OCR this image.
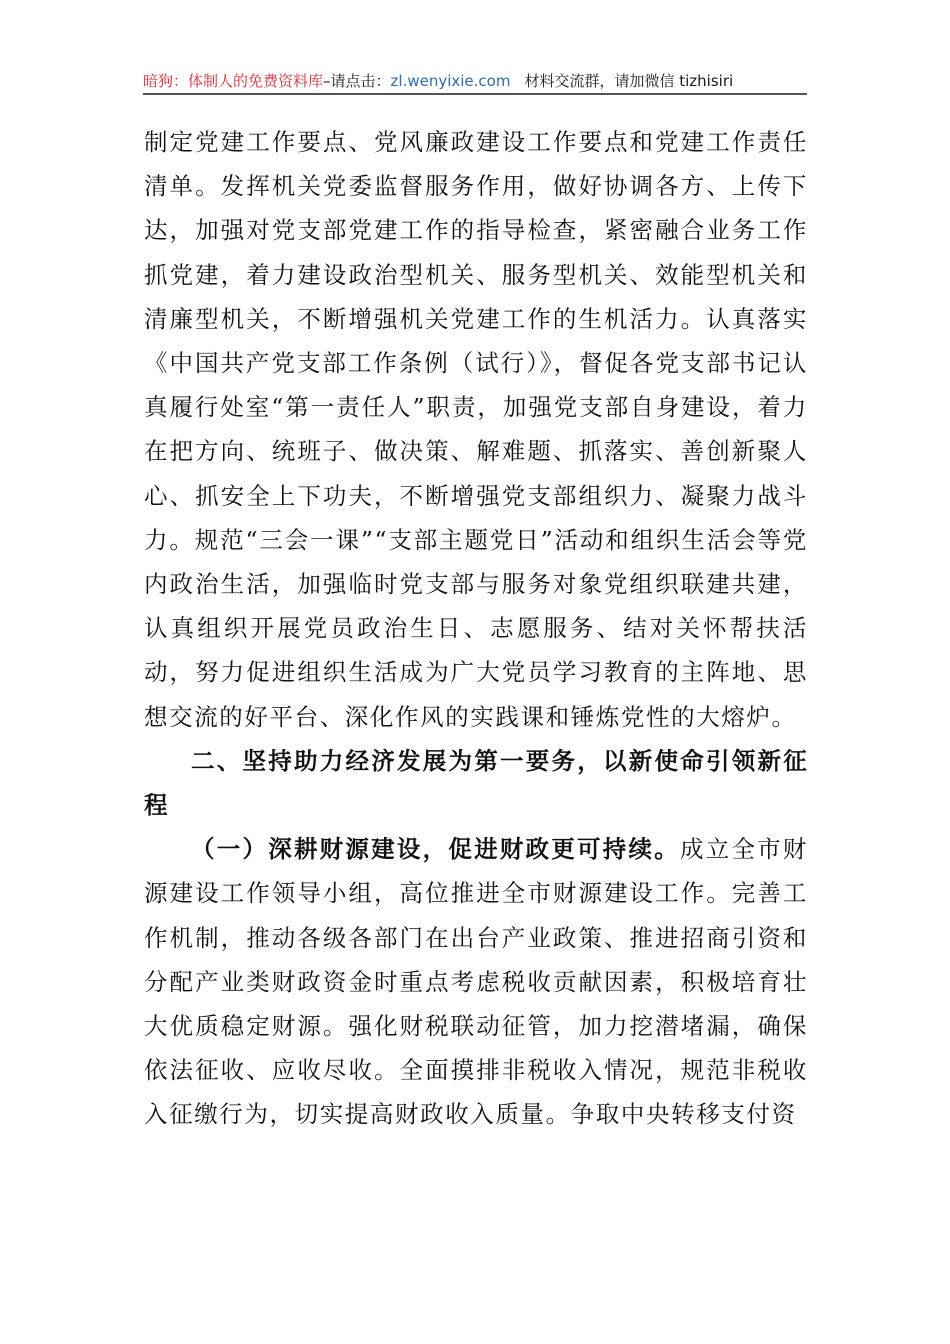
暗狗：体制人的免费资料库 –请点击： zl.wenyixie.com 材料交流群，请加微信 tizhisiri

制定党建工作要点、党风廉政建设工作要点和党建工作责任清单。发挥机关党委监督服务作用，做好协调各方、上传下达，加强对党支部党建工作的指导检查，紧密融合业务工作抓党建，着力建设政治型机关、服务型机关、效能型机关和清廉型机关，不断增强机关党建工作的生机活力。认真落实《中国共产党支部工作条例（试行）》，督促各党支部书记认真履行处室“第一责任人”职责，加强党支部自身建设，着力在把方向、统班子、做决策、解难题、抓落实、善创新聚人心、抓安全上下功夫，不断增强党支部组织力、凝聚力战斗力。规范“三会一课”“支部主题党日”活动和组织生活会等党内政治生活，加强临时党支部与服务对象党组织联建共建，认真组织开展党员政治生日、志愿服务、结对关怀帮扶活动，努力促进组织生活成为广大党员学习教育的主阵地、思想交流的好平台、深化作风的实践课和锤炼党性的大熔炉。

二、坚持助力经济发展为第一要务，以新使命引领新征程

（一）深耕财源建设，促进财政更可持续。成立全市财源建设工作领导小组，高位推进全市财源建设工作。完善工作机制，推动各级各部门在出台产业政策、推进招商引资和分配产业类财政资金时重点考虑税收贡献因素，积极培育壮大优质稳定财源。强化财税联动征管，加力挖潜堵漏，确保依法征收、应收尽收。全面摸排非税收入情况，规范非税收入征缴行为，切实提高财政收入质量。争取中央转移支付资
